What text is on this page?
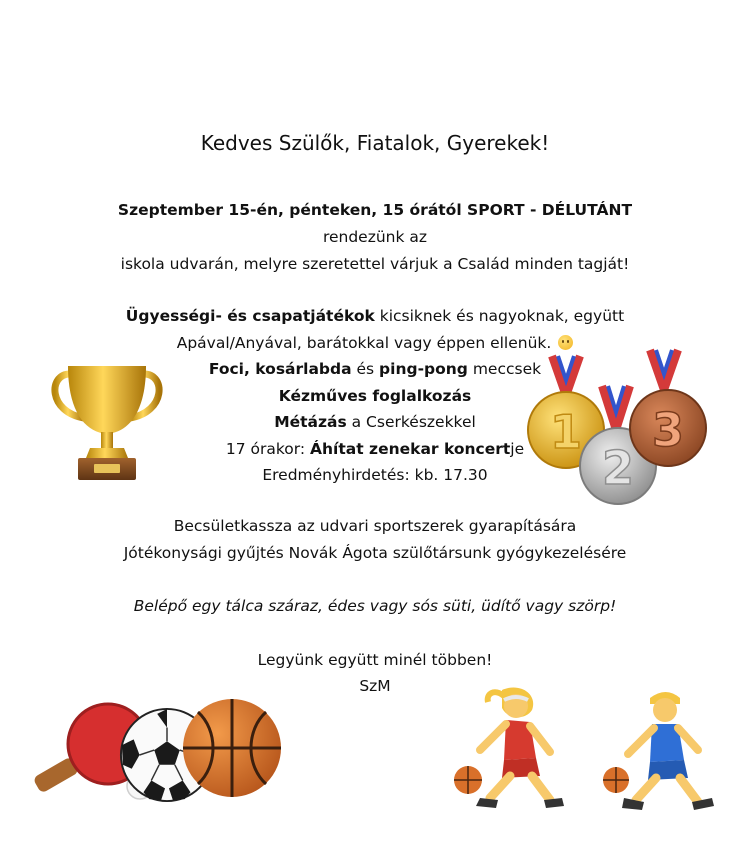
Kedves Szülők, Fiatalok, Gyerekek!
Szeptember 15-én, pénteken, 15 órától SPORT - DÉLUTÁNT
rendezünk az
iskola udvarán, melyre szeretettel várjuk a Család minden tagját!
Ügyességi- és csapatjátékok kicsiknek és nagyoknak, együtt
Apával/Anyával, barátokkal vagy éppen ellenük.
Foci, kosárlabda és ping-pong meccsek
Kézműves foglalkozás
Métázás a Cserkészekkel
17 órakor: Áhítat zenekar koncertje
Eredményhirdetés: kb. 17.30
Becsületkassza az udvari sportszerek gyarapítására
Jótékonysági gyűjtés Novák Ágota szülőtársunk gyógykezelésére
Belépő egy tálca száraz, édes vagy sós süti, üdítő vagy szörp!
Legyünk együtt minél többen!
SzM
1
2
3
